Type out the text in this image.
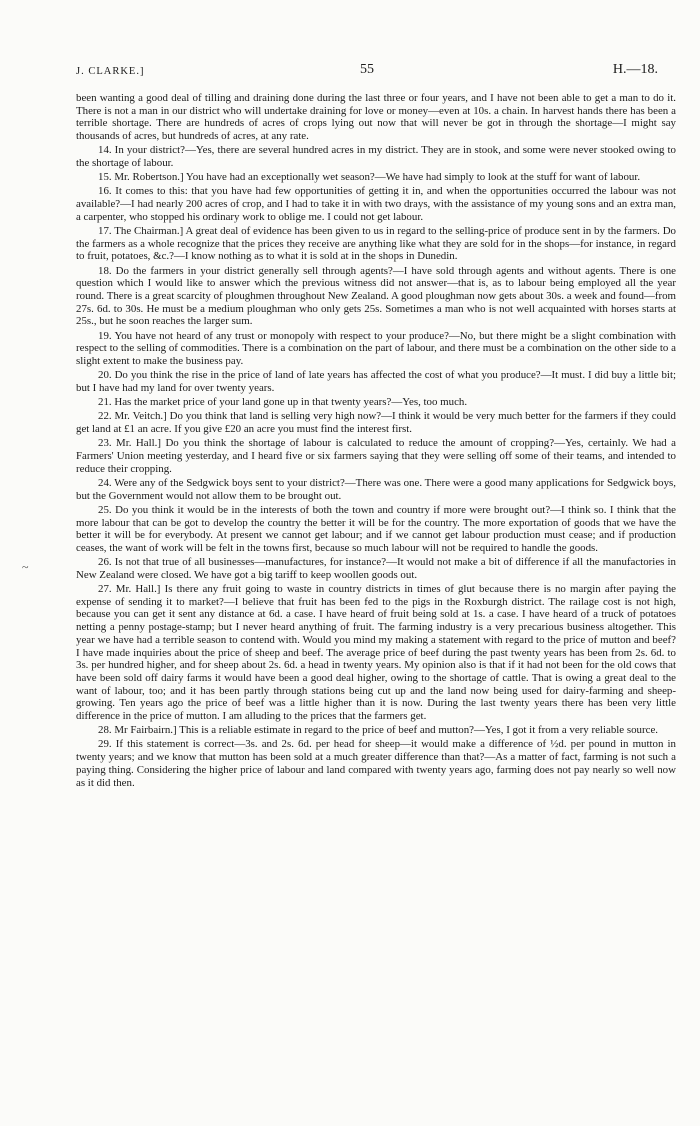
J. CLARKE.]	55	H.—18.
~

been wanting a good deal of tilling and draining done during the last three or four years, and I have not been able to get a man to do it. There is not a man in our district who will undertake draining for love or money—even at 10s. a chain. In harvest hands there has been a terrible shortage. There are hundreds of acres of crops lying out now that will never be got in through the shortage—I might say thousands of acres, but hundreds of acres, at any rate.

14. In your district?—Yes, there are several hundred acres in my district. They are in stook, and some were never stooked owing to the shortage of labour.

15. Mr. Robertson.] You have had an exceptionally wet season?—We have had simply to look at the stuff for want of labour.

16. It comes to this: that you have had few opportunities of getting it in, and when the opportunities occurred the labour was not available?—I had nearly 200 acres of crop, and I had to take it in with two drays, with the assistance of my young sons and an extra man, a carpenter, who stopped his ordinary work to oblige me. I could not get labour.

17. The Chairman.] A great deal of evidence has been given to us in regard to the selling-price of produce sent in by the farmers. Do the farmers as a whole recognize that the prices they receive are anything like what they are sold for in the shops—for instance, in regard to fruit, potatoes, &c.?—I know nothing as to what it is sold at in the shops in Dunedin.

18. Do the farmers in your district generally sell through agents?—I have sold through agents and without agents. There is one question which I would like to answer which the previous witness did not answer—that is, as to labour being employed all the year round. There is a great scarcity of ploughmen throughout New Zealand. A good ploughman now gets about 30s. a week and found—from 27s. 6d. to 30s. He must be a medium ploughman who only gets 25s. Sometimes a man who is not well acquainted with horses starts at 25s., but he soon reaches the larger sum.

19. You have not heard of any trust or monopoly with respect to your produce?—No, but there might be a slight combination with respect to the selling of commodities. There is a combination on the part of labour, and there must be a combination on the other side to a slight extent to make the business pay.

20. Do you think the rise in the price of land of late years has affected the cost of what you produce?—It must. I did buy a little bit; but I have had my land for over twenty years.

21. Has the market price of your land gone up in that twenty years?—Yes, too much.

22. Mr. Veitch.] Do you think that land is selling very high now?—I think it would be very much better for the farmers if they could get land at £1 an acre. If you give £20 an acre you must find the interest first.

23. Mr. Hall.] Do you think the shortage of labour is calculated to reduce the amount of cropping?—Yes, certainly. We had a Farmers' Union meeting yesterday, and I heard five or six farmers saying that they were selling off some of their teams, and intended to reduce their cropping.

24. Were any of the Sedgwick boys sent to your district?—There was one. There were a good many applications for Sedgwick boys, but the Government would not allow them to be brought out.

25. Do you think it would be in the interests of both the town and country if more were brought out?—I think so. I think that the more labour that can be got to develop the country the better it will be for the country. The more exportation of goods that we have the better it will be for everybody. At present we cannot get labour; and if we cannot get labour production must cease; and if production ceases, the want of work will be felt in the towns first, because so much labour will not be required to handle the goods.

26. Is not that true of all businesses—manufactures, for instance?—It would not make a bit of difference if all the manufactories in New Zealand were closed. We have got a big tariff to keep woollen goods out.

27. Mr. Hall.] Is there any fruit going to waste in country districts in times of glut because there is no margin after paying the expense of sending it to market?—I believe that fruit has been fed to the pigs in the Roxburgh district. The railage cost is not high, because you can get it sent any distance at 6d. a case. I have heard of fruit being sold at 1s. a case. I have heard of a truck of potatoes netting a penny postage-stamp; but I never heard anything of fruit. The farming industry is a very precarious business altogether. This year we have had a terrible season to contend with. Would you mind my making a statement with regard to the price of mutton and beef? I have made inquiries about the price of sheep and beef. The average price of beef during the past twenty years has been from 2s. 6d. to 3s. per hundred higher, and for sheep about 2s. 6d. a head in twenty years. My opinion also is that if it had not been for the old cows that have been sold off dairy farms it would have been a good deal higher, owing to the shortage of cattle. That is owing a great deal to the want of labour, too; and it has been partly through stations being cut up and the land now being used for dairy-farming and sheep-growing. Ten years ago the price of beef was a little higher than it is now. During the last twenty years there has been very little difference in the price of mutton. I am alluding to the prices that the farmers get.

28. Mr Fairbairn.] This is a reliable estimate in regard to the price of beef and mutton?—Yes, I got it from a very reliable source.

29. If this statement is correct—3s. and 2s. 6d. per head for sheep—it would make a difference of ½d. per pound in mutton in twenty years; and we know that mutton has been sold at a much greater difference than that?—As a matter of fact, farming is not such a paying thing. Considering the higher price of labour and land compared with twenty years ago, farming does not pay nearly so well now as it did then.
